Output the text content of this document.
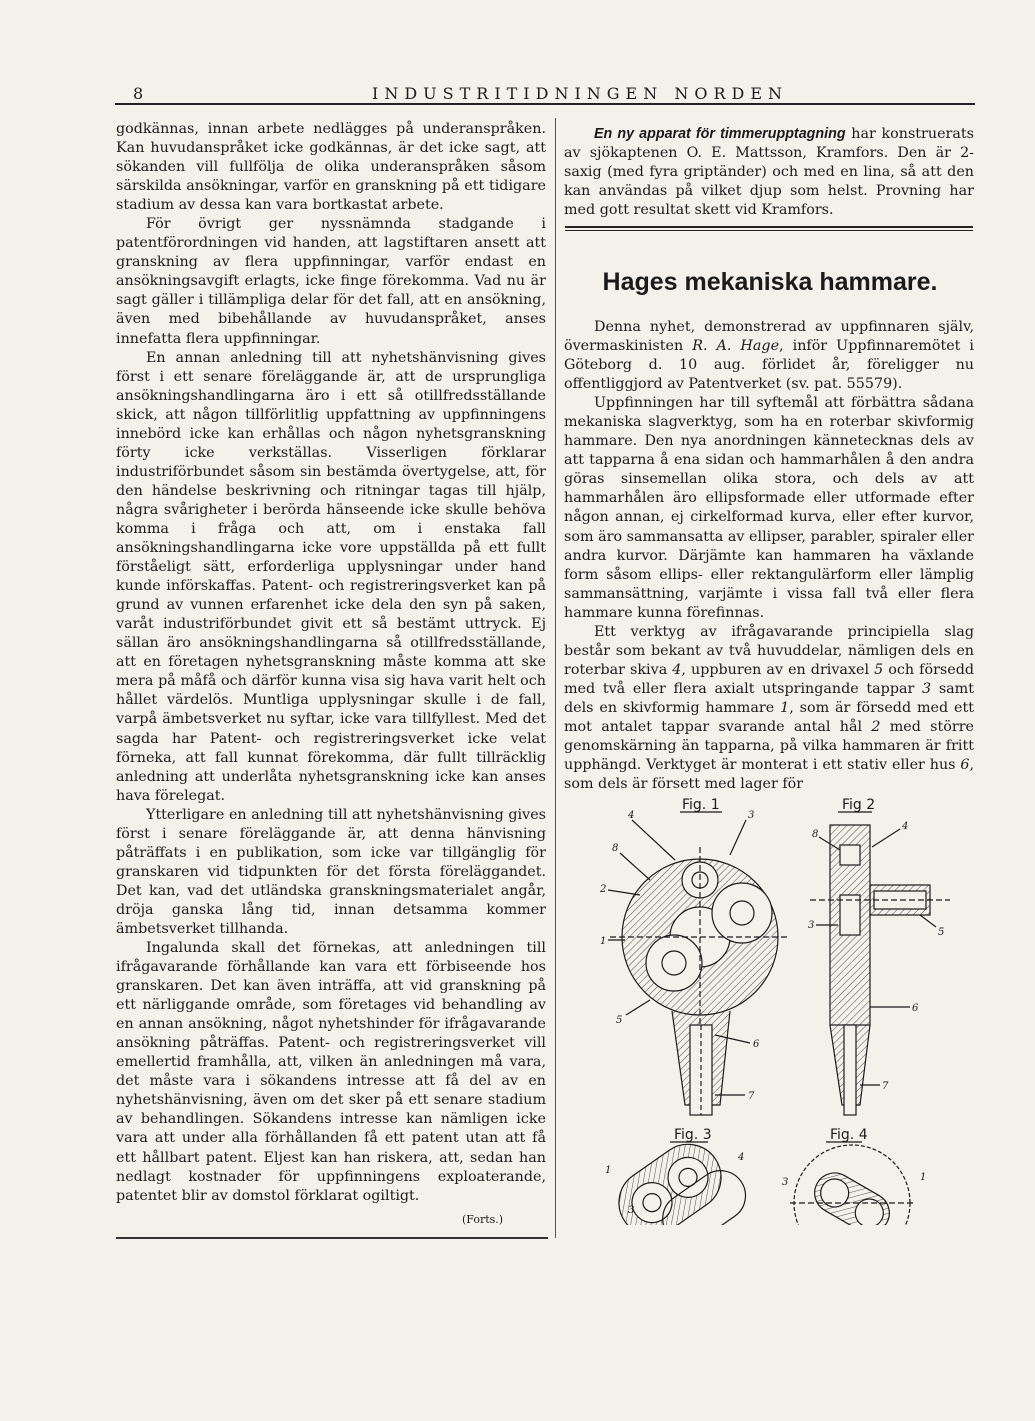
8	INDUSTRITIDNINGEN NORDEN

godkännas, innan arbete nedlägges på underanspråken. Kan huvudanspråket icke godkännas, är det icke sagt, att sökanden vill fullfölja de olika underanspråken såsom särskilda ansökningar, varför en granskning på ett tidigare stadium av dessa kan vara bortkastat arbete.

För övrigt ger nyssnämnda stadgande i patentförordningen vid handen, att lagstiftaren ansett att granskning av flera uppfinningar, varför endast en ansökningsavgift erlagts, icke finge förekomma. Vad nu är sagt gäller i tillämpliga delar för det fall, att en ansökning, även med bibehållande av huvudanspråket, anses innefatta flera uppfinningar.

En annan anledning till att nyhetshänvisning gives först i ett senare föreläggande är, att de ursprungliga ansökningshandlingarna äro i ett så otillfredsställande skick, att någon tillförlitlig uppfattning av uppfinningens innebörd icke kan erhållas och någon nyhetsgranskning förty icke verkställas. Visserligen förklarar industriförbundet såsom sin bestämda övertygelse, att, för den händelse beskrivning och ritningar tagas till hjälp, några svårigheter i berörda hänseende icke skulle behöva komma i fråga och att, om i enstaka fall ansökningshandlingarna icke vore uppställda på ett fullt förståeligt sätt, erforderliga upplysningar under hand kunde införskaffas. Patent- och registreringsverket kan på grund av vunnen erfarenhet icke dela den syn på saken, varåt industriförbundet givit ett så bestämt uttryck. Ej sällan äro ansökningshandlingarna så otillfredsställande, att en företagen nyhetsgranskning måste komma att ske mera på måfå och därför kunna visa sig hava varit helt och hållet värdelös. Muntliga upplysningar skulle i de fall, varpå ämbetsverket nu syftar, icke vara tillfyllest. Med det sagda har Patent- och registreringsverket icke velat förneka, att fall kunnat förekomma, där fullt tillräcklig anledning att underlåta nyhetsgranskning icke kan anses hava förelegat.

Ytterligare en anledning till att nyhetshänvisning gives först i senare föreläggande är, att denna hänvisning påträffats i en publikation, som icke var tillgänglig för granskaren vid tidpunkten för det första föreläggandet. Det kan, vad det utländska granskningsmaterialet angår, dröja ganska lång tid, innan detsamma kommer ämbetsverket tillhanda.

Ingalunda skall det förnekas, att anledningen till ifrågavarande förhållande kan vara ett förbiseende hos granskaren. Det kan även inträffa, att vid granskning på ett närliggande område, som företages vid behandling av en annan ansökning, något nyhetshinder för ifrågavarande ansökning påträffas. Patent- och registreringsverket vill emellertid framhålla, att, vilken än anledningen må vara, det måste vara i sökandens intresse att få del av en nyhetshänvisning, även om det sker på ett senare stadium av behandlingen. Sökandens intresse kan nämligen icke vara att under alla förhållanden få ett patent utan att få ett hållbart patent. Eljest kan han riskera, att, sedan han nedlagt kostnader för uppfinningens exploaterande, patentet blir av domstol förklarat ogiltigt.

(Forts.)

En ny apparat för timmerupptagning har konstruerats av sjökaptenen O. E. Mattsson, Kramfors. Den är 2-saxig (med fyra griptänder) och med en lina, så att den kan användas på vilket djup som helst. Provning har med gott resultat skett vid Kramfors.

Hages mekaniska hammare.

Denna nyhet, demonstrerad av uppfinnaren själv, övermaskinisten R. A. Hage, inför Uppfinnaremötet i Göteborg d. 10 aug. förlidet år, föreligger nu offentliggjord av Patentverket (sv. pat. 55579).

Uppfinningen har till syftemål att förbättra sådana mekaniska slagverktyg, som ha en roterbar skivformig hammare. Den nya anordningen kännetecknas dels av att tapparna å ena sidan och hammarhålen å den andra göras sinsemellan olika stora, och dels av att hammarhålen äro ellipsformade eller utformade efter någon annan, ej cirkelformad kurva, eller efter kurvor, som äro sammansatta av ellipser, parabler, spiraler eller andra kurvor. Därjämte kan hammaren ha växlande form såsom ellips- eller rektangulärform eller lämplig sammansättning, varjämte i vissa fall två eller flera hammare kunna förefinnas.

Ett verktyg av ifrågavarande principiella slag består som bekant av två huvuddelar, nämligen dels en roterbar skiva 4, uppburen av en drivaxel 5 och försedd med två eller flera axialt utspringande tappar 3 samt dels en skivformig hammare 1, som är försedd med ett mot antalet tappar svarande antal hål 2 med större genomskärning än tapparna, på vilka hammaren är fritt upphängd. Verktyget är monterat i ett stativ eller hus 6, som dels är försett med lager för

Fig. 1
4	3
8
2
1
5
6
7
Fig 2
8
4
5
3
6
7
Fig. 3
1
3
4
Fig. 4
3	1
